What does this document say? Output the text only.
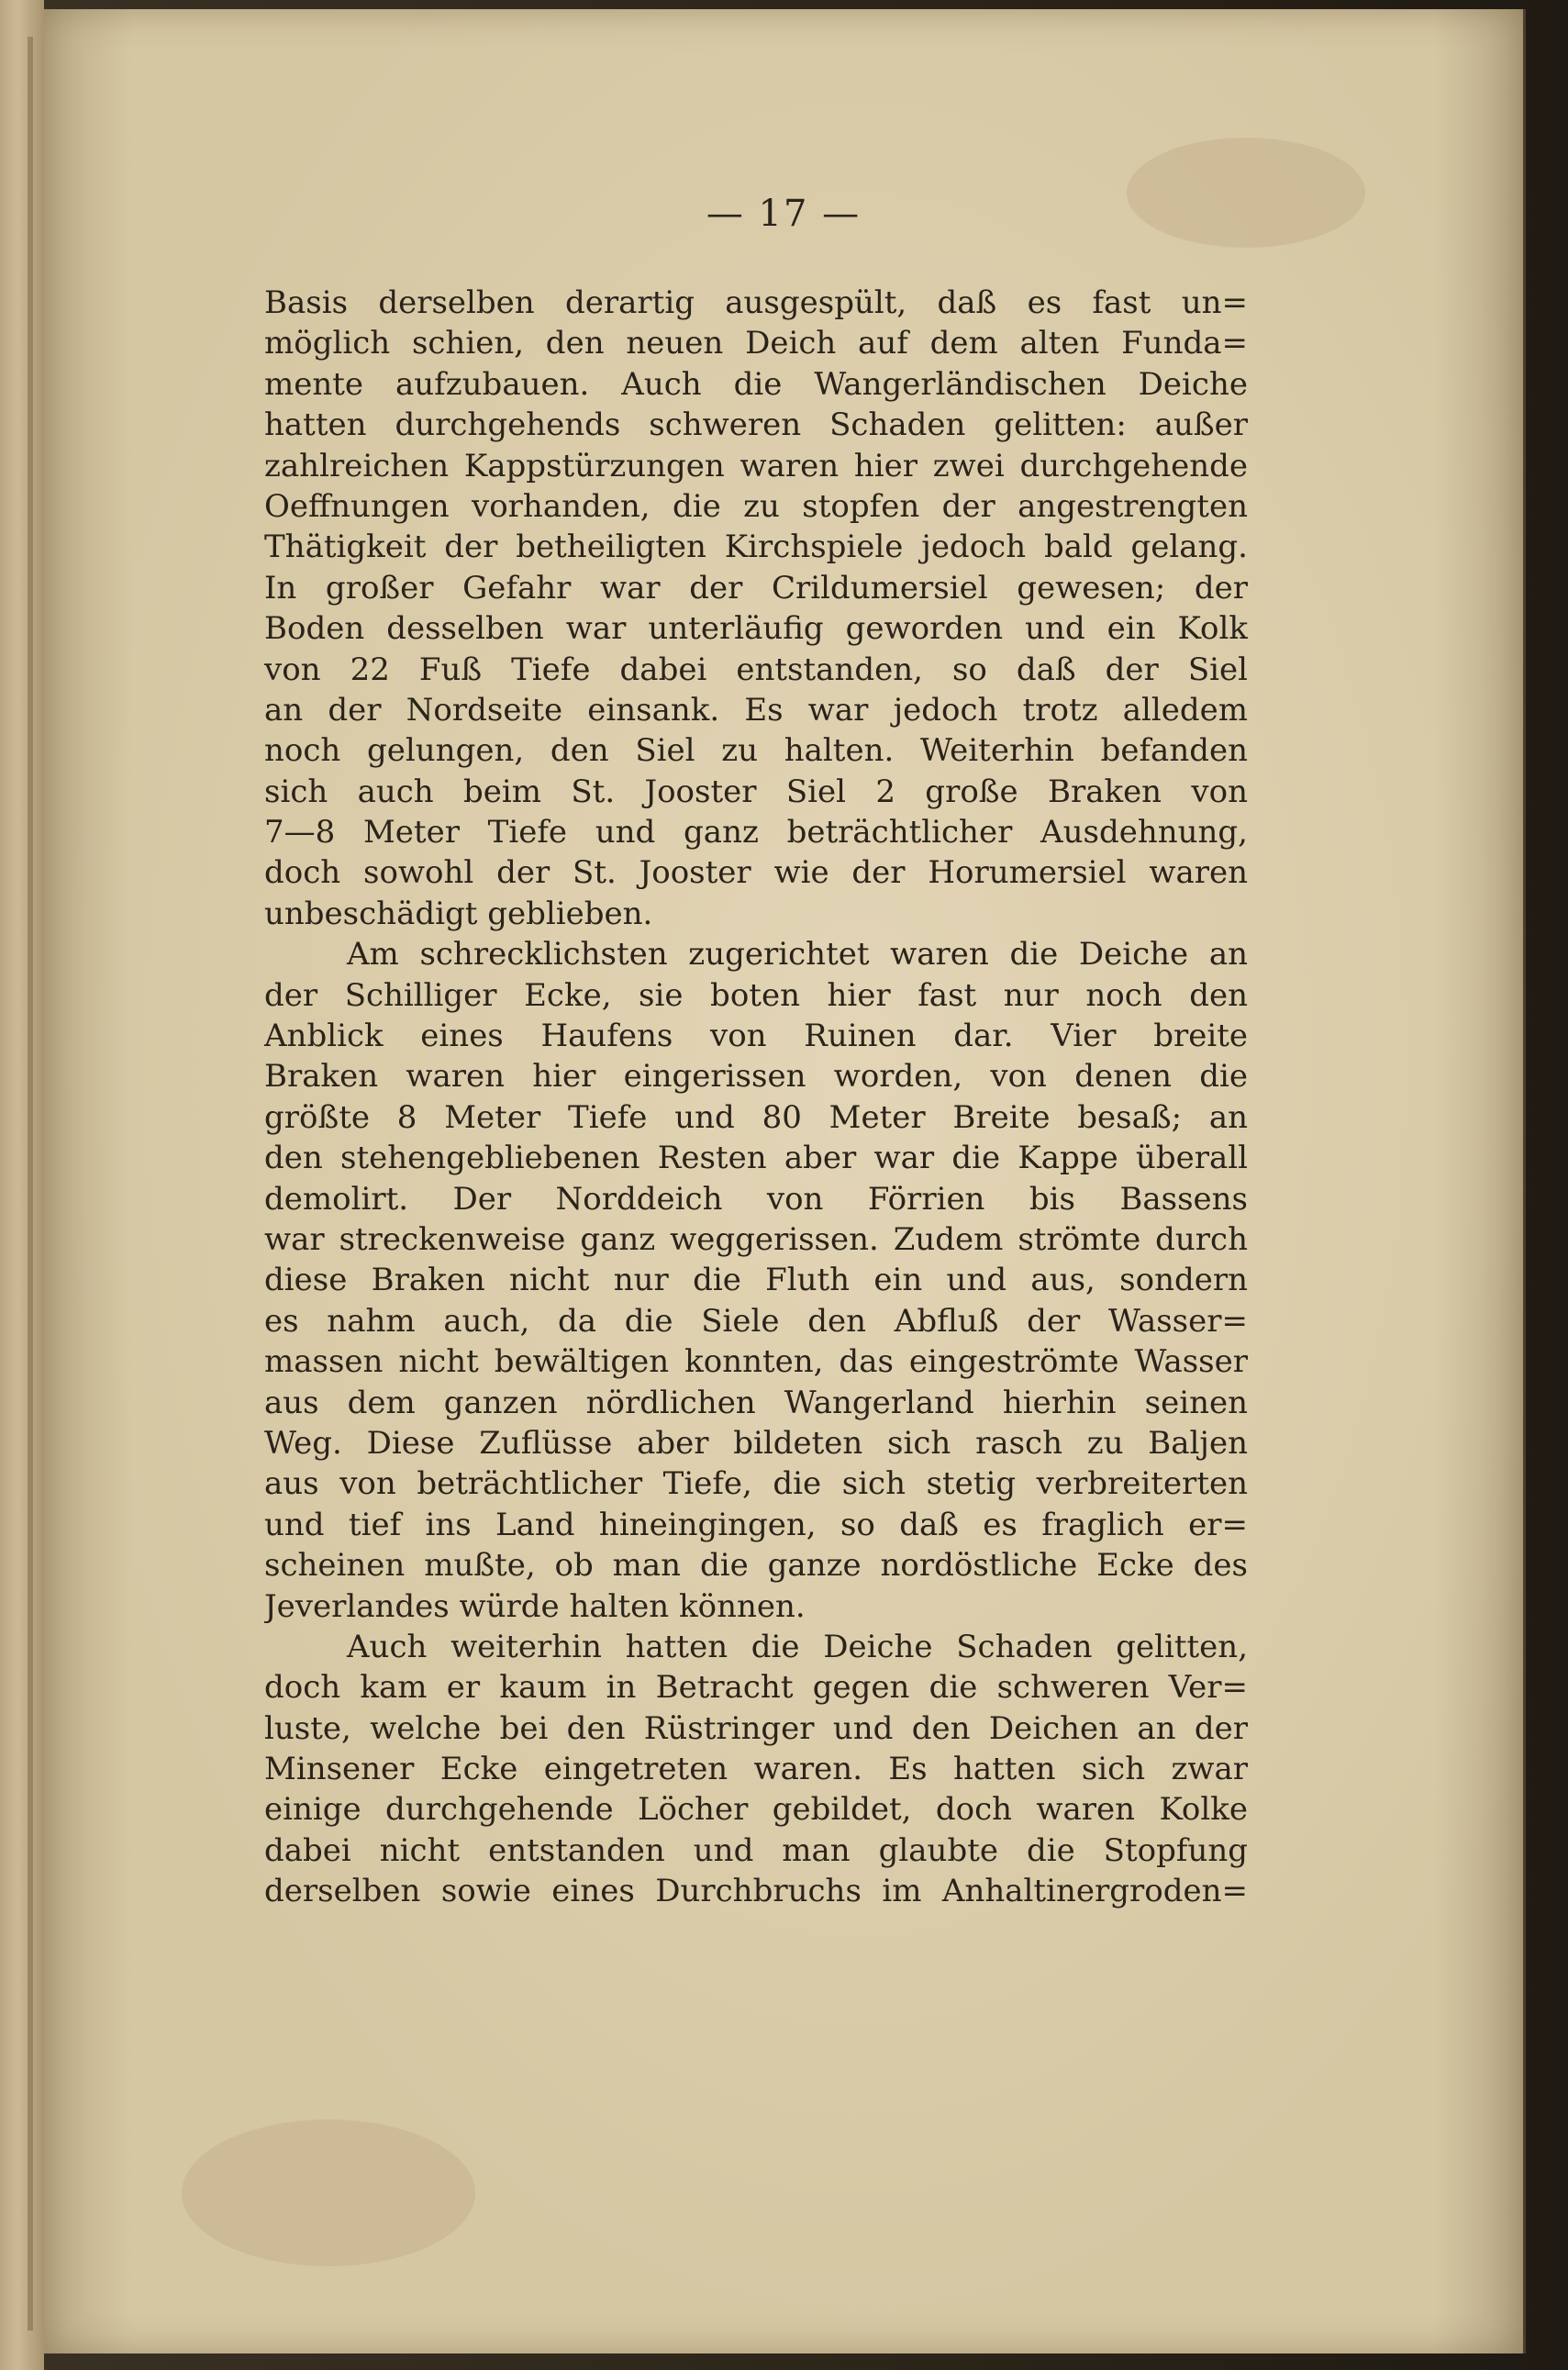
— 17 —
Basis derselben derartig ausgespült, daß es fast un=
möglich schien, den neuen Deich auf dem alten Funda=
mente aufzubauen. Auch die Wangerländischen Deiche
hatten durchgehends schweren Schaden gelitten: außer
zahlreichen Kappstürzungen waren hier zwei durchgehende
Oeffnungen vorhanden, die zu stopfen der angestrengten
Thätigkeit der betheiligten Kirchspiele jedoch bald gelang.
In großer Gefahr war der Crildumersiel gewesen; der
Boden desselben war unterläufig geworden und ein Kolk
von 22 Fuß Tiefe dabei entstanden, so daß der Siel
an der Nordseite einsank. Es war jedoch trotz alledem
noch gelungen, den Siel zu halten. Weiterhin befanden
sich auch beim St. Jooster Siel 2 große Braken von
7—8 Meter Tiefe und ganz beträchtlicher Ausdehnung,
doch sowohl der St. Jooster wie der Horumersiel waren
unbeschädigt geblieben.
Am schrecklichsten zugerichtet waren die Deiche an
der Schilliger Ecke, sie boten hier fast nur noch den
Anblick eines Haufens von Ruinen dar. Vier breite
Braken waren hier eingerissen worden, von denen die
größte 8 Meter Tiefe und 80 Meter Breite besaß; an
den stehengebliebenen Resten aber war die Kappe überall
demolirt. Der Norddeich von Förrien bis Bassens
war streckenweise ganz weggerissen. Zudem strömte durch
diese Braken nicht nur die Fluth ein und aus, sondern
es nahm auch, da die Siele den Abfluß der Wasser=
massen nicht bewältigen konnten, das eingeströmte Wasser
aus dem ganzen nördlichen Wangerland hierhin seinen
Weg. Diese Zuflüsse aber bildeten sich rasch zu Baljen
aus von beträchtlicher Tiefe, die sich stetig verbreiterten
und tief ins Land hineingingen, so daß es fraglich er=
scheinen mußte, ob man die ganze nordöstliche Ecke des
Jeverlandes würde halten können.
Auch weiterhin hatten die Deiche Schaden gelitten,
doch kam er kaum in Betracht gegen die schweren Ver=
luste, welche bei den Rüstringer und den Deichen an der
Minsener Ecke eingetreten waren. Es hatten sich zwar
einige durchgehende Löcher gebildet, doch waren Kolke
dabei nicht entstanden und man glaubte die Stopfung
derselben sowie eines Durchbruchs im Anhaltinergroden=
